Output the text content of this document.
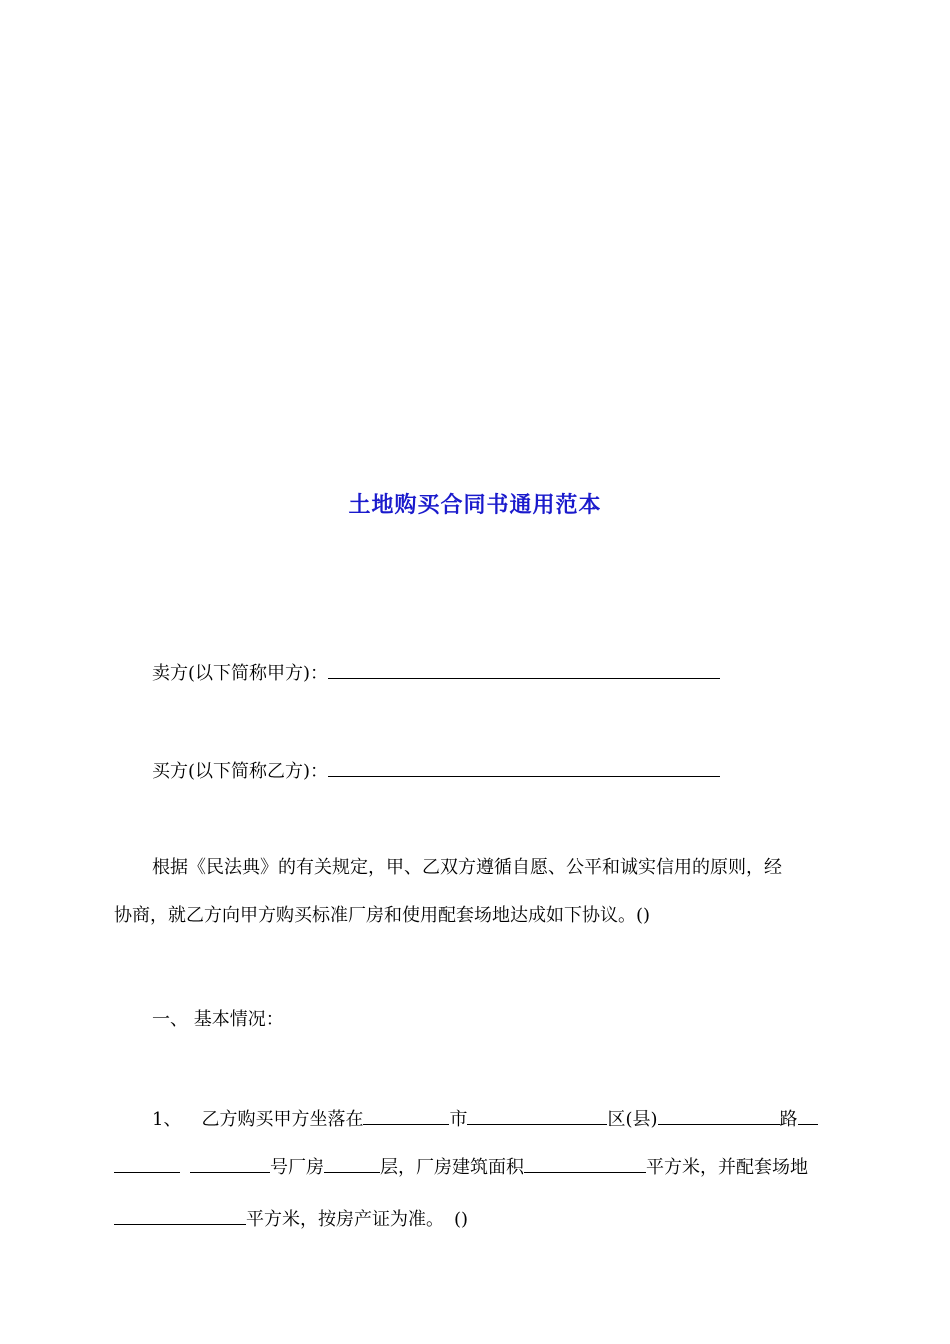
土地购买合同书通用范本
卖方(以下简称甲方)：
买方(以下简称乙方)：
根据《民法典》的有关规定，甲、乙双方遵循自愿、公平和诚实信用的原则，经
协商，就乙方向甲方购买标准厂房和使用配套场地达成如下协议。()
一、 基本情况：
1、 乙方购买甲方坐落在	市	区(县)	路
号厂房	层，厂房建筑面积	平方米，并配套场地
平方米，按房产证为准。 ()
